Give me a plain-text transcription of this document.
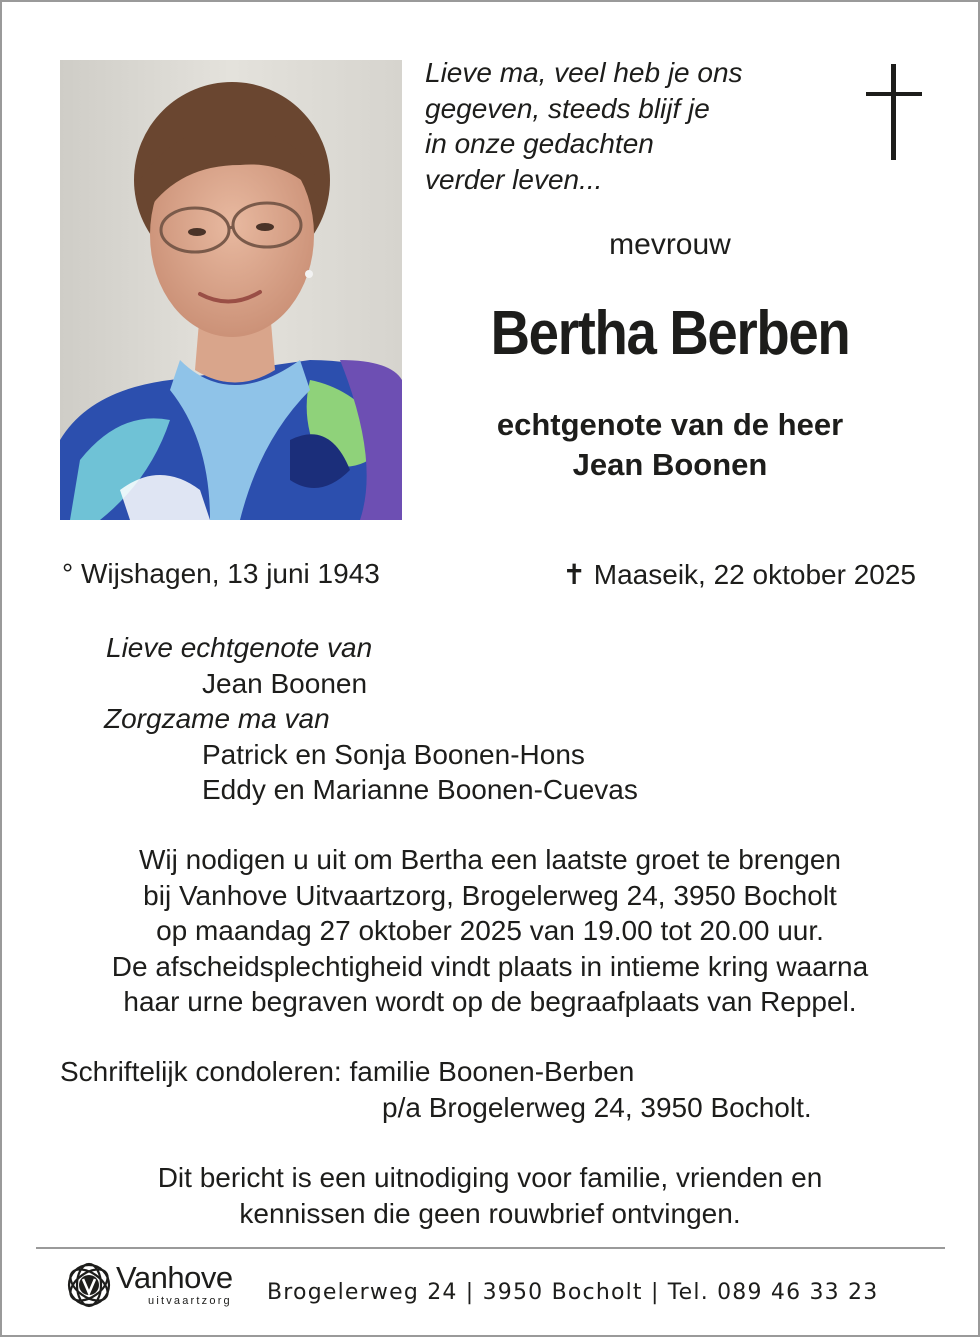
Lieve ma, veel heb je ons
gegeven, steeds blijf je
in onze gedachten
verder leven...
mevrouw
Bertha Berben
echtgenote van de heer
Jean Boonen
° Wijshagen, 13 juni 1943	✝ Maaseik, 22 oktober 2025
Lieve echtgenote van
Jean Boonen
Zorgzame ma van
Patrick en Sonja Boonen-Hons
Eddy en Marianne Boonen-Cuevas
Wij nodigen u uit om Bertha een laatste groet te brengen
bij Vanhove Uitvaartzorg, Brogelerweg 24, 3950 Bocholt
op maandag 27 oktober 2025 van 19.00 tot 20.00 uur.
De afscheidsplechtigheid vindt plaats in intieme kring waarna
haar urne begraven wordt op de begraafplaats van Reppel.
Schriftelijk condoleren: familie Boonen-Berben
p/a Brogelerweg 24, 3950 Bocholt.
Dit bericht is een uitnodiging voor familie, vrienden en
kennissen die geen rouwbrief ontvingen.
Vanhove
uitvaartzorg Brogelerweg 24 | 3950 Bocholt | Tel. 089 46 33 23
